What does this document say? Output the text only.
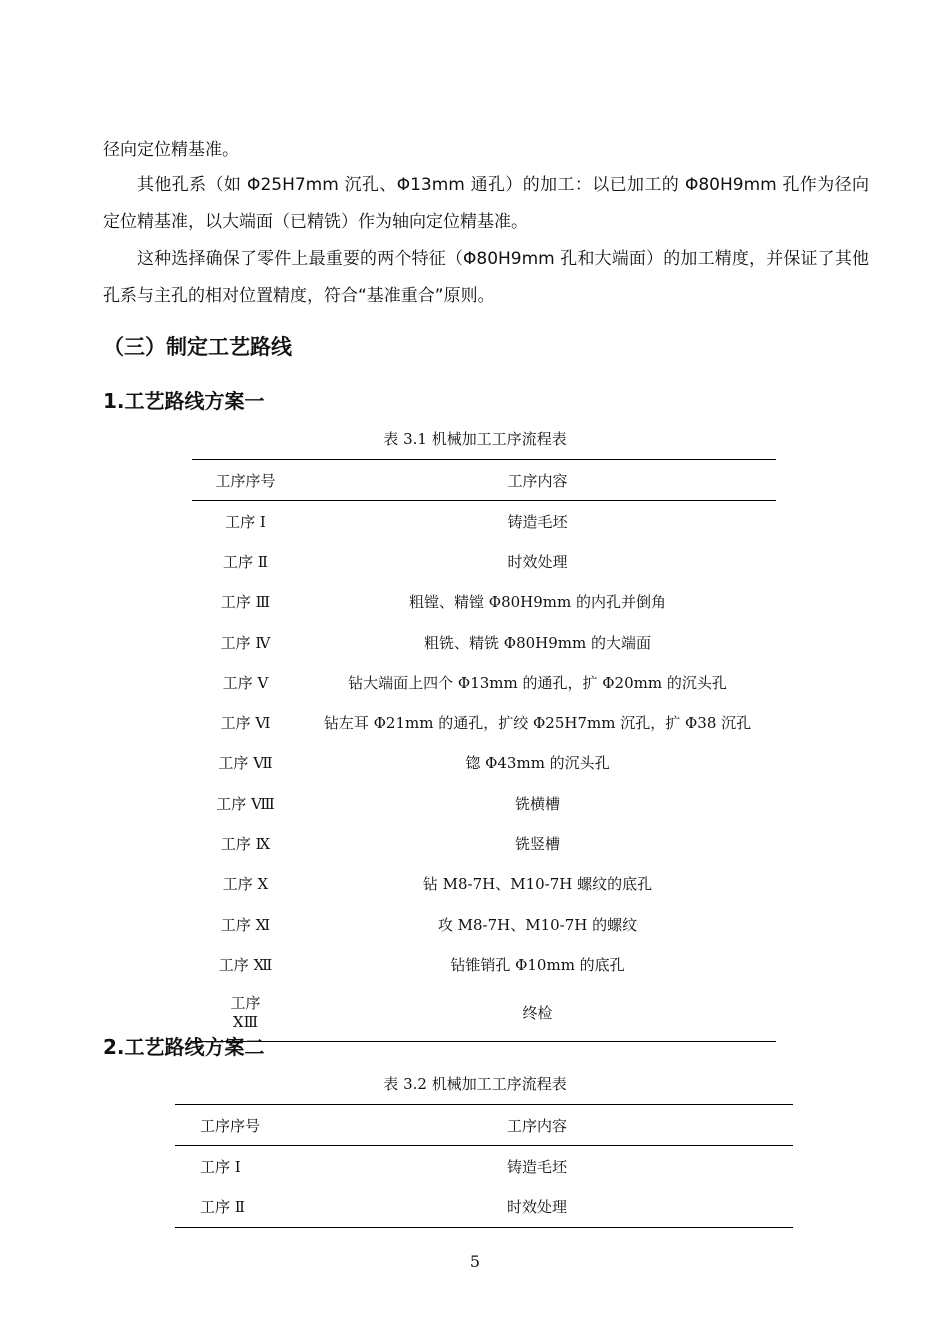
径向定位精基准。

其他孔系（如 Φ25H7mm 沉孔、Φ13mm 通孔）的加工：以已加工的 Φ80H9mm 孔作为径向定位精基准，以大端面（已精铣）作为轴向定位精基准。

这种选择确保了零件上最重要的两个特征（Φ80H9mm 孔和大端面）的加工精度，并保证了其他孔系与主孔的相对位置精度，符合“基准重合”原则。

（三）制定工艺路线
1.工艺路线方案一

表 3.1 机械加工工序流程表

工序序号	工序内容
工序 Ⅰ	铸造毛坯
工序 Ⅱ	时效处理
工序 Ⅲ	粗镗、精镗 Φ80H9mm 的内孔并倒角
工序 Ⅳ	粗铣、精铣 Φ80H9mm 的大端面
工序 Ⅴ	钻大端面上四个 Φ13mm 的通孔，扩 Φ20mm 的沉头孔
工序 Ⅵ	钻左耳 Φ21mm 的通孔，扩绞 Φ25H7mm 沉孔，扩 Φ38 沉孔
工序 Ⅶ	锪 Φ43mm 的沉头孔
工序 Ⅷ	铣横槽
工序 Ⅸ	铣竖槽
工序 Ⅹ	钻 M8-7H、M10-7H 螺纹的底孔
工序 Ⅺ	攻 M8-7H、M10-7H 的螺纹
工序 Ⅻ	钻锥销孔 Φ10mm 的底孔
工序
ⅩⅢ	终检
2.工艺路线方案二

表 3.2 机械加工工序流程表

工序序号	工序内容
工序 Ⅰ	铸造毛坯
工序 Ⅱ	时效处理
5
